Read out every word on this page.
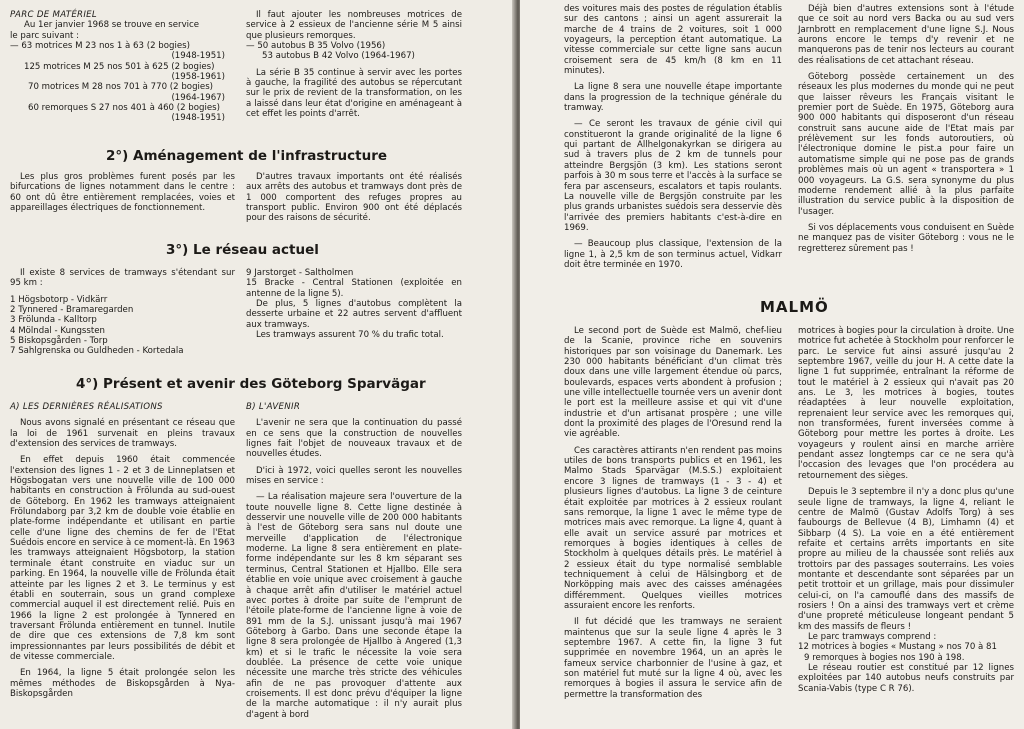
PARC DE MATÉRIEL

Au 1er janvier 1968 se trouve en service

le parc suivant :

— 63 motrices M 23 nos 1 à 63 (2 bogies)

(1948-1951)

125 motrices M 25 nos 501 à 625 (2 bogies)

(1958-1961)

70 motrices M 28 nos 701 à 770 (2 bogies)

(1964-1967)

60 remorques S 27 nos 401 à 460 (2 bogies)

(1948-1951)

Il faut ajouter les nombreuses motrices de service à 2 essieux de l'ancienne série M 5 ainsi que plusieurs remorques.

— 50 autobus B 35 Volvo (1956)

53 autobus B 42 Volvo (1964-1967)

La série B 35 continue à servir avec les portes à gauche, la fragilité des autobus se répercutant sur le prix de revient de la transformation, on les a laissé dans leur état d'origine en aménageant à cet effet les points d'arrêt.

2°) Aménagement de l'infrastructure

Les plus gros problèmes furent posés par les bifurcations de lignes notamment dans le centre : 60 ont dû être entièrement remplacées, voies et appareillages électriques de fonctionnement.

D'autres travaux importants ont été réalisés aux arrêts des autobus et tramways dont près de 1 000 comportent des refuges propres au transport public. Environ 900 ont été déplacés pour des raisons de sécurité.

3°) Le réseau actuel

Il existe 8 services de tramways s'étendant sur 95 km :

1 Högsbotorp - Vidkärr
2 Tynnered - Bramaregarden
3 Frölunda - Kalltorp
4 Mölndal - Kungssten
5 Biskopsgården - Torp
7 Sahlgrenska ou Guldheden - Kortedala

9 Jarstorget - Saltholmen

15 Bracke - Central Stationen (exploitée en antenne de la ligne 5).

De plus, 5 lignes d'autobus complètent la desserte urbaine et 22 autres servent d'affluent aux tramways.

Les tramways assurent 70 % du trafic total.

4°) Présent et avenir des Göteborg Sparvägar
A) LES DERNIÈRES RÉALISATIONS

Nous avons signalé en présentant ce réseau que la loi de 1961 survenait en pleins travaux d'extension des services de tramways.

En effet depuis 1960 était commencée l'extension des lignes 1 - 2 et 3 de Linneplatsen et Högsbogatan vers une nouvelle ville de 100 000 habitants en construction à Frölunda au sud-ouest de Göteborg. En 1962 les tramways atteignaient Frölundaborg par 3,2 km de double voie établie en plate-forme indépendante et utilisant en partie celle d'une ligne des chemins de fer de l'Etat Suédois encore en service à ce moment-là. En 1963 les tramways atteignaient Högsbotorp, la station terminale étant construite en viaduc sur un parking. En 1964, la nouvelle ville de Frölunda était atteinte par les lignes 2 et 3. Le terminus y est établi en souterrain, sous un grand complexe commercial auquel il est directement relié. Puis en 1966 la ligne 2 est prolongée à Tynnered en traversant Frölunda entièrement en tunnel. Inutile de dire que ces extensions de 7,8 km sont impressionnantes par leurs possibilités de débit et de vitesse commerciale.

En 1964, la ligne 5 était prolongée selon les mêmes méthodes de Biskopsgården à Nya-Biskopsgården

B) L'AVENIR

L'avenir ne sera que la continuation du passé en ce sens que la construction de nouvelles lignes fait l'objet de nouveaux travaux et de nouvelles études.

D'ici à 1972, voici quelles seront les nouvelles mises en service :

— La réalisation majeure sera l'ouverture de la toute nouvelle ligne 8. Cette ligne destinée à desservir une nouvelle ville de 200 000 habitants à l'est de Göteborg sera sans nul doute une merveille d'application de l'électronique moderne. La ligne 8 sera entièrement en plate-forme indépendante sur les 8 km séparant ses terminus, Central Stationen et Hjallbo. Elle sera établie en voie unique avec croisement à gauche à chaque arrêt afin d'utiliser le matériel actuel avec portes à droite par suite de l'emprunt de l'étoile plate-forme de l'ancienne ligne à voie de 891 mm de la S.J. unissant jusqu'à mai 1967 Göteborg à Garbo. Dans une seconde étape la ligne 8 sera prolongée de Hjallbo à Angered (1,3 km) et si le trafic le nécessite la voie sera doublée. La présence de cette voie unique nécessite une marche très stricte des véhicules afin de ne pas provoquer d'attente aux croisements. Il est donc prévu d'équiper la ligne de la marche automatique : il n'y aurait plus d'agent à bord

des voitures mais des postes de régulation établis sur des cantons ; ainsi un agent assurerait la marche de 4 trains de 2 voitures, soit 1 000 voyageurs, la perception étant automatique. La vitesse commerciale sur cette ligne sans aucun croisement sera de 45 km/h (8 km en 11 minutes).

La ligne 8 sera une nouvelle étape importante dans la progression de la technique générale du tramway.

— Ce seront les travaux de génie civil qui constitueront la grande originalité de la ligne 6 qui partant de Allhelgonakyrkan se dirigera au sud à travers plus de 2 km de tunnels pour atteindre Bergsjön (3 km). Les stations seront parfois à 30 m sous terre et l'accès à la surface se fera par ascenseurs, escalators et tapis roulants. La nouvelle ville de Bergsjön construite par les plus grands urbanistes suédois sera desservie dès l'arrivée des premiers habitants c'est-à-dire en 1969.

— Beaucoup plus classique, l'extension de la ligne 1, à 2,5 km de son terminus actuel, Vidkarr doit être terminée en 1970.

Déjà bien d'autres extensions sont à l'étude que ce soit au nord vers Backa ou au sud vers Jarnbrott en remplacement d'une ligne S.J. Nous aurons encore le temps d'y revenir et ne manquerons pas de tenir nos lecteurs au courant des réalisations de cet attachant réseau.

Göteborg possède certainement un des réseaux les plus modernes du monde qui ne peut que laisser rêveurs les Français visitant le premier port de Suède. En 1975, Göteborg aura 900 000 habitants qui disposeront d'un réseau construit sans aucune aide de l'Etat mais par prélèvement sur les fonds autoroutiers, où l'électronique domine le pist.a pour faire un automatisme simple qui ne pose pas de grands problèmes mais où un agent « transportera » 1 000 voyageurs. La G.S. sera synonyme du plus moderne rendement allié à la plus parfaite illustration du service public à la disposition de l'usager.

Si vos déplacements vous conduisent en Suède ne manquez pas de visiter Göteborg : vous ne le regretterez sûrement pas !

MALMÖ

Le second port de Suède est Malmö, chef-lieu de la Scanie, province riche en souvenirs historiques par son voisinage du Danemark. Les 230 000 habitants bénéficiant d'un climat très doux dans une ville largement étendue où parcs, boulevards, espaces verts abondent à profusion ; une ville intellectuelle tournée vers un avenir dont le port est la meilleure assise et qui vit d'une industrie et d'un artisanat prospère ; une ville dont la proximité des plages de l'Oresund rend la vie agréable.

Ces caractères attirants n'en rendent pas moins utiles de bons transports publics et en 1961, les Malmo Stads Sparvägar (M.S.S.) exploitaient encore 3 lignes de tramways (1 - 3 - 4) et plusieurs lignes d'autobus. La ligne 3 de ceinture était exploitée par motrices à 2 essieux roulant sans remorque, la ligne 1 avec le même type de motrices mais avec remorque. La ligne 4, quant à elle avait un service assuré par motrices et remorques à bogies identiques à celles de Stockholm à quelques détails près. Le matériel à 2 essieux était du type normalisé semblable techniquement à celui de Hälsingborg et de Norköpping mais avec des caisses aménagées différemment. Quelques vieilles motrices assuraient encore les renforts.

Il fut décidé que les tramways ne seraient maintenus que sur la seule ligne 4 après le 3 septembre 1967. A cette fin, la ligne 3 fut supprimée en novembre 1964, un an après le fameux service charbonnier de l'usine à gaz, et son matériel fut muté sur la ligne 4 où, avec les remorques à bogies il assura le service afin de permettre la transformation des

motrices à bogies pour la circulation à droite. Une motrice fut achetée à Stockholm pour renforcer le parc. Le service fut ainsi assuré jusqu'au 2 septembre 1967, veille du jour H. A cette date la ligne 1 fut supprimée, entraînant la réforme de tout le matériel à 2 essieux qui n'avait pas 20 ans. Le 3, les motrices à bogies, toutes réadaptées à leur nouvelle exploitation, reprenaient leur service avec les remorques qui, non transformées, furent inversées comme à Göteborg pour mettre les portes à droite. Les voyageurs y roulent ainsi en marche arrière pendant assez longtemps car ce ne sera qu'à l'occasion des levages que l'on procédera au retournement des sièges.

Depuis le 3 septembre il n'y a donc plus qu'une seule ligne de tramways, la ligne 4, reliant le centre de Malmö (Gustav Adolfs Torg) à ses faubourgs de Bellevue (4 B), Limhamn (4) et Sibbarp (4 S). La voie en a été entièrement refaite et certains arrêts importants en site propre au milieu de la chaussée sont reliés aux trottoirs par des passages souterrains. Les voies montante et descendante sont séparées par un petit trottoir et un grillage, mais pour dissimuler celui-ci, on l'a camouflé dans des massifs de rosiers ! On a ainsi des tramways vert et crème d'une propreté méticuleuse longeant pendant 5 km des massifs de fleurs !

Le parc tramways comprend :

12 motrices à bogies « Mustang » nos 70 à 81

9 remorques à bogies nos 190 à 198.

Le réseau routier est constitué par 12 lignes exploitées par 140 autobus neufs construits par Scania-Vabis (type C R 76).
